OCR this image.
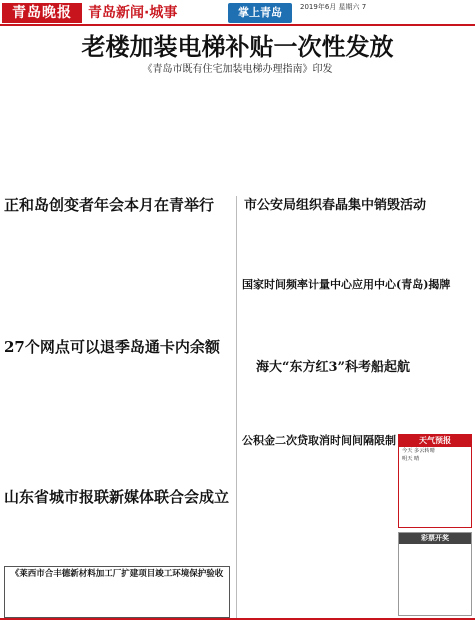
青岛晚报	青岛新闻·城事	掌上青岛	2019年6月 星期六 7
老楼加装电梯补贴一次性发放
《青岛市既有住宅加装电梯办理指南》印发
正和岛创变者年会本月在青举行
27个网点可以退季岛通卡内余额
山东省城市报联新媒体联合会成立
《莱西市合丰德新材料加工厂扩建项目竣工环境保护验收
市公安局组织春晶集中销毁活动
国家时间频率计量中心应用中心(青岛)揭牌
海大“东方红3”科考船起航
公积金二次贷取消时间间隔限制	天气预报
今天 多云转晴
明天 晴
彩票开奖
